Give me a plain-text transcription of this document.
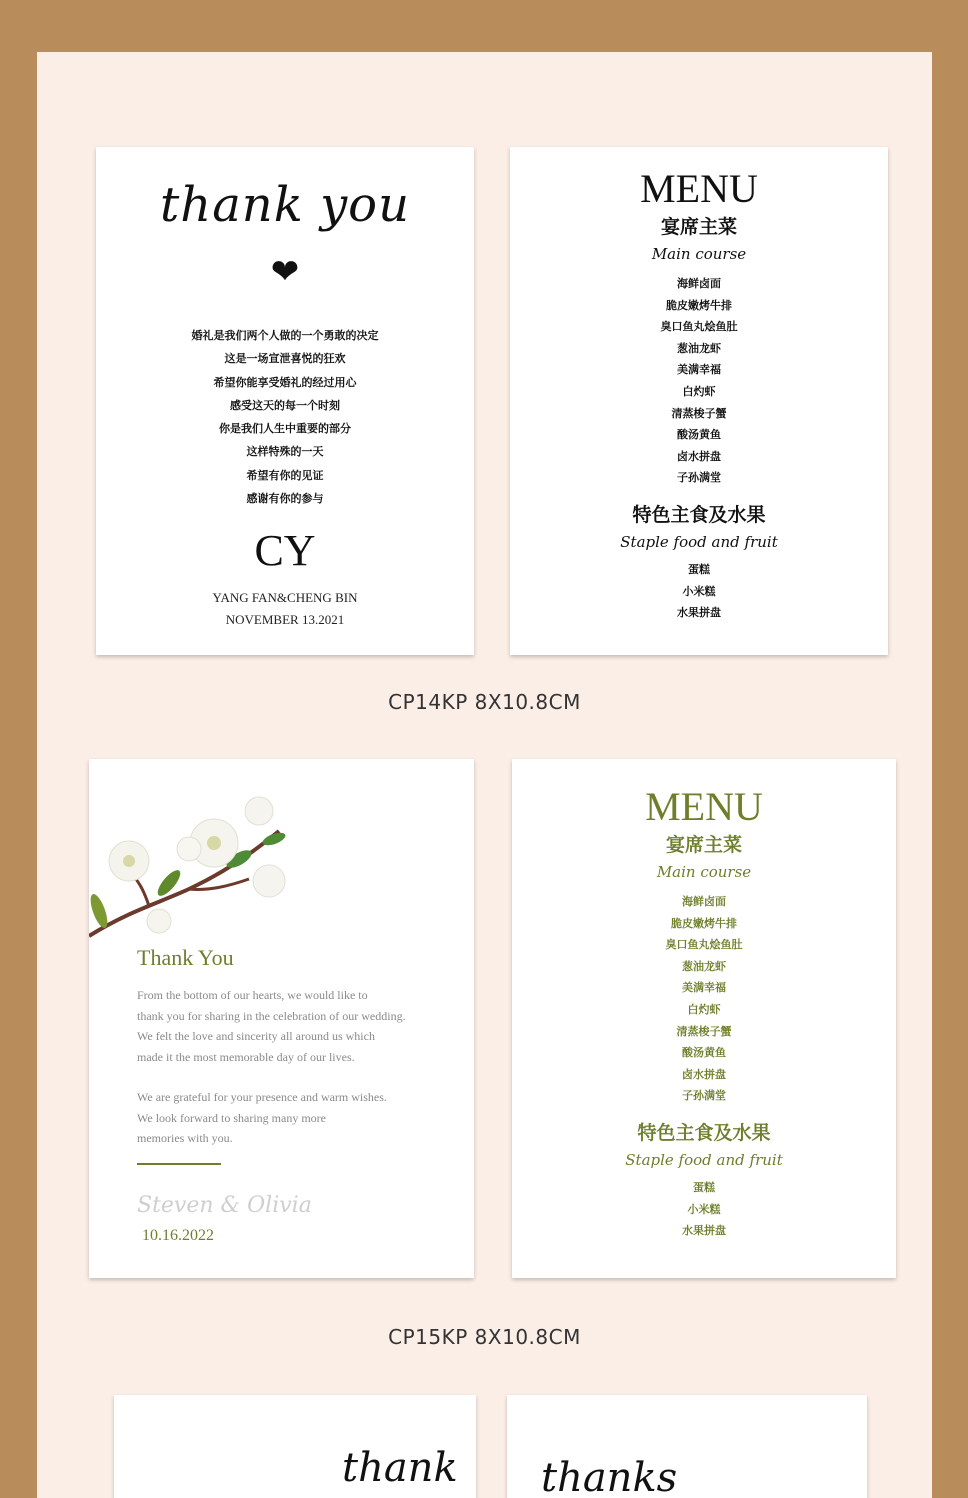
thank you
❤
婚礼是我们两个人做的一个勇敢的决定
这是一场宣泄喜悦的狂欢
希望你能享受婚礼的经过用心
感受这天的每一个时刻
你是我们人生中重要的部分
这样特殊的一天
希望有你的见证
感谢有你的参与
CY
YANG FAN&CHENG BIN
NOVEMBER 13.2021
MENU
宴席主菜
Main course
海鲜卤面
脆皮嫩烤牛排
臭口鱼丸烩鱼肚
葱油龙虾
美满幸福
白灼虾
清蒸梭子蟹
酸汤黄鱼
卤水拼盘
子孙满堂
特色主食及水果
Staple food and fruit
蛋糕
小米糕
水果拼盘
CP14KP 8X10.8CM
Thank You
From the bottom of our hearts, we would like to
thank you for sharing in the celebration of our wedding.
We felt the love and sincerity all around us which
made it the most memorable day of our lives.
We are grateful for your presence and warm wishes.
We look forward to sharing many more
memories with you.
Steven & Olivia
10.16.2022
MENU
宴席主菜
Main course
海鲜卤面
脆皮嫩烤牛排
臭口鱼丸烩鱼肚
葱油龙虾
美满幸福
白灼虾
清蒸梭子蟹
酸汤黄鱼
卤水拼盘
子孙满堂
特色主食及水果
Staple food and fruit
蛋糕
小米糕
水果拼盘
CP15KP 8X10.8CM
thank thanks
